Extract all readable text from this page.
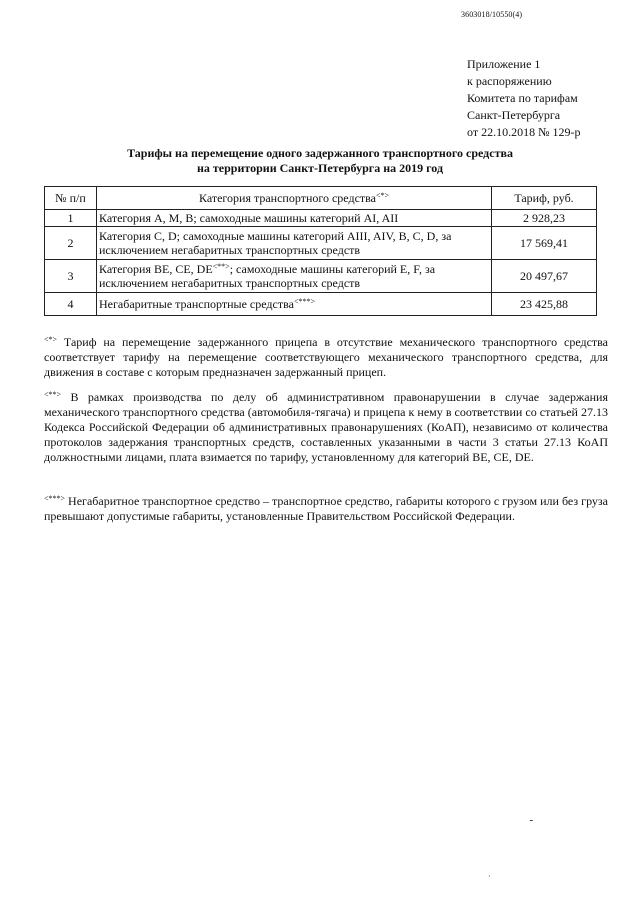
3603018/10550(4)
Приложение 1
к распоряжению
Комитета по тарифам
Санкт-Петербурга
от 22.10.2018 № 129-р
Тарифы на перемещение одного задержанного транспортного средства
на территории Санкт-Петербурга на 2019 год
№ п/п	Категория транспортного средства<*>	Тариф, руб.
1	Категория A, M, B; самоходные машины категорий AI, AII	2 928,23
2	Категория C, D; самоходные машины категорий AIII, AIV, B, C, D, за исключением негабаритных транспортных средств	17 569,41
3	Категория BE, CE, DE<**>; самоходные машины категорий E, F, за исключением негабаритных транспортных средств	20 497,67
4	Негабаритные транспортные средства<***>	23 425,88
<*> Тариф на перемещение задержанного прицепа в отсутствие механического транспортного средства соответствует тарифу на перемещение соответствующего механического транспортного средства, для движения в составе с которым предназначен задержанный прицеп.
<**> В рамках производства по делу об административном правонарушении в случае задержания механического транспортного средства (автомобиля-тягача) и прицепа к нему в соответствии со статьей 27.13 Кодекса Российской Федерации об административных правонарушениях (КоАП), независимо от количества протоколов задержания транспортных средств, составленных указанными в части 3 статьи 27.13 КоАП должностными лицами, плата взимается по тарифу, установленному для категорий BE, CE, DE.
<***> Негабаритное транспортное средство – транспортное средство, габариты которого с грузом или без груза превышают допустимые габариты, установленные Правительством Российской Федерации.
ـ
·
